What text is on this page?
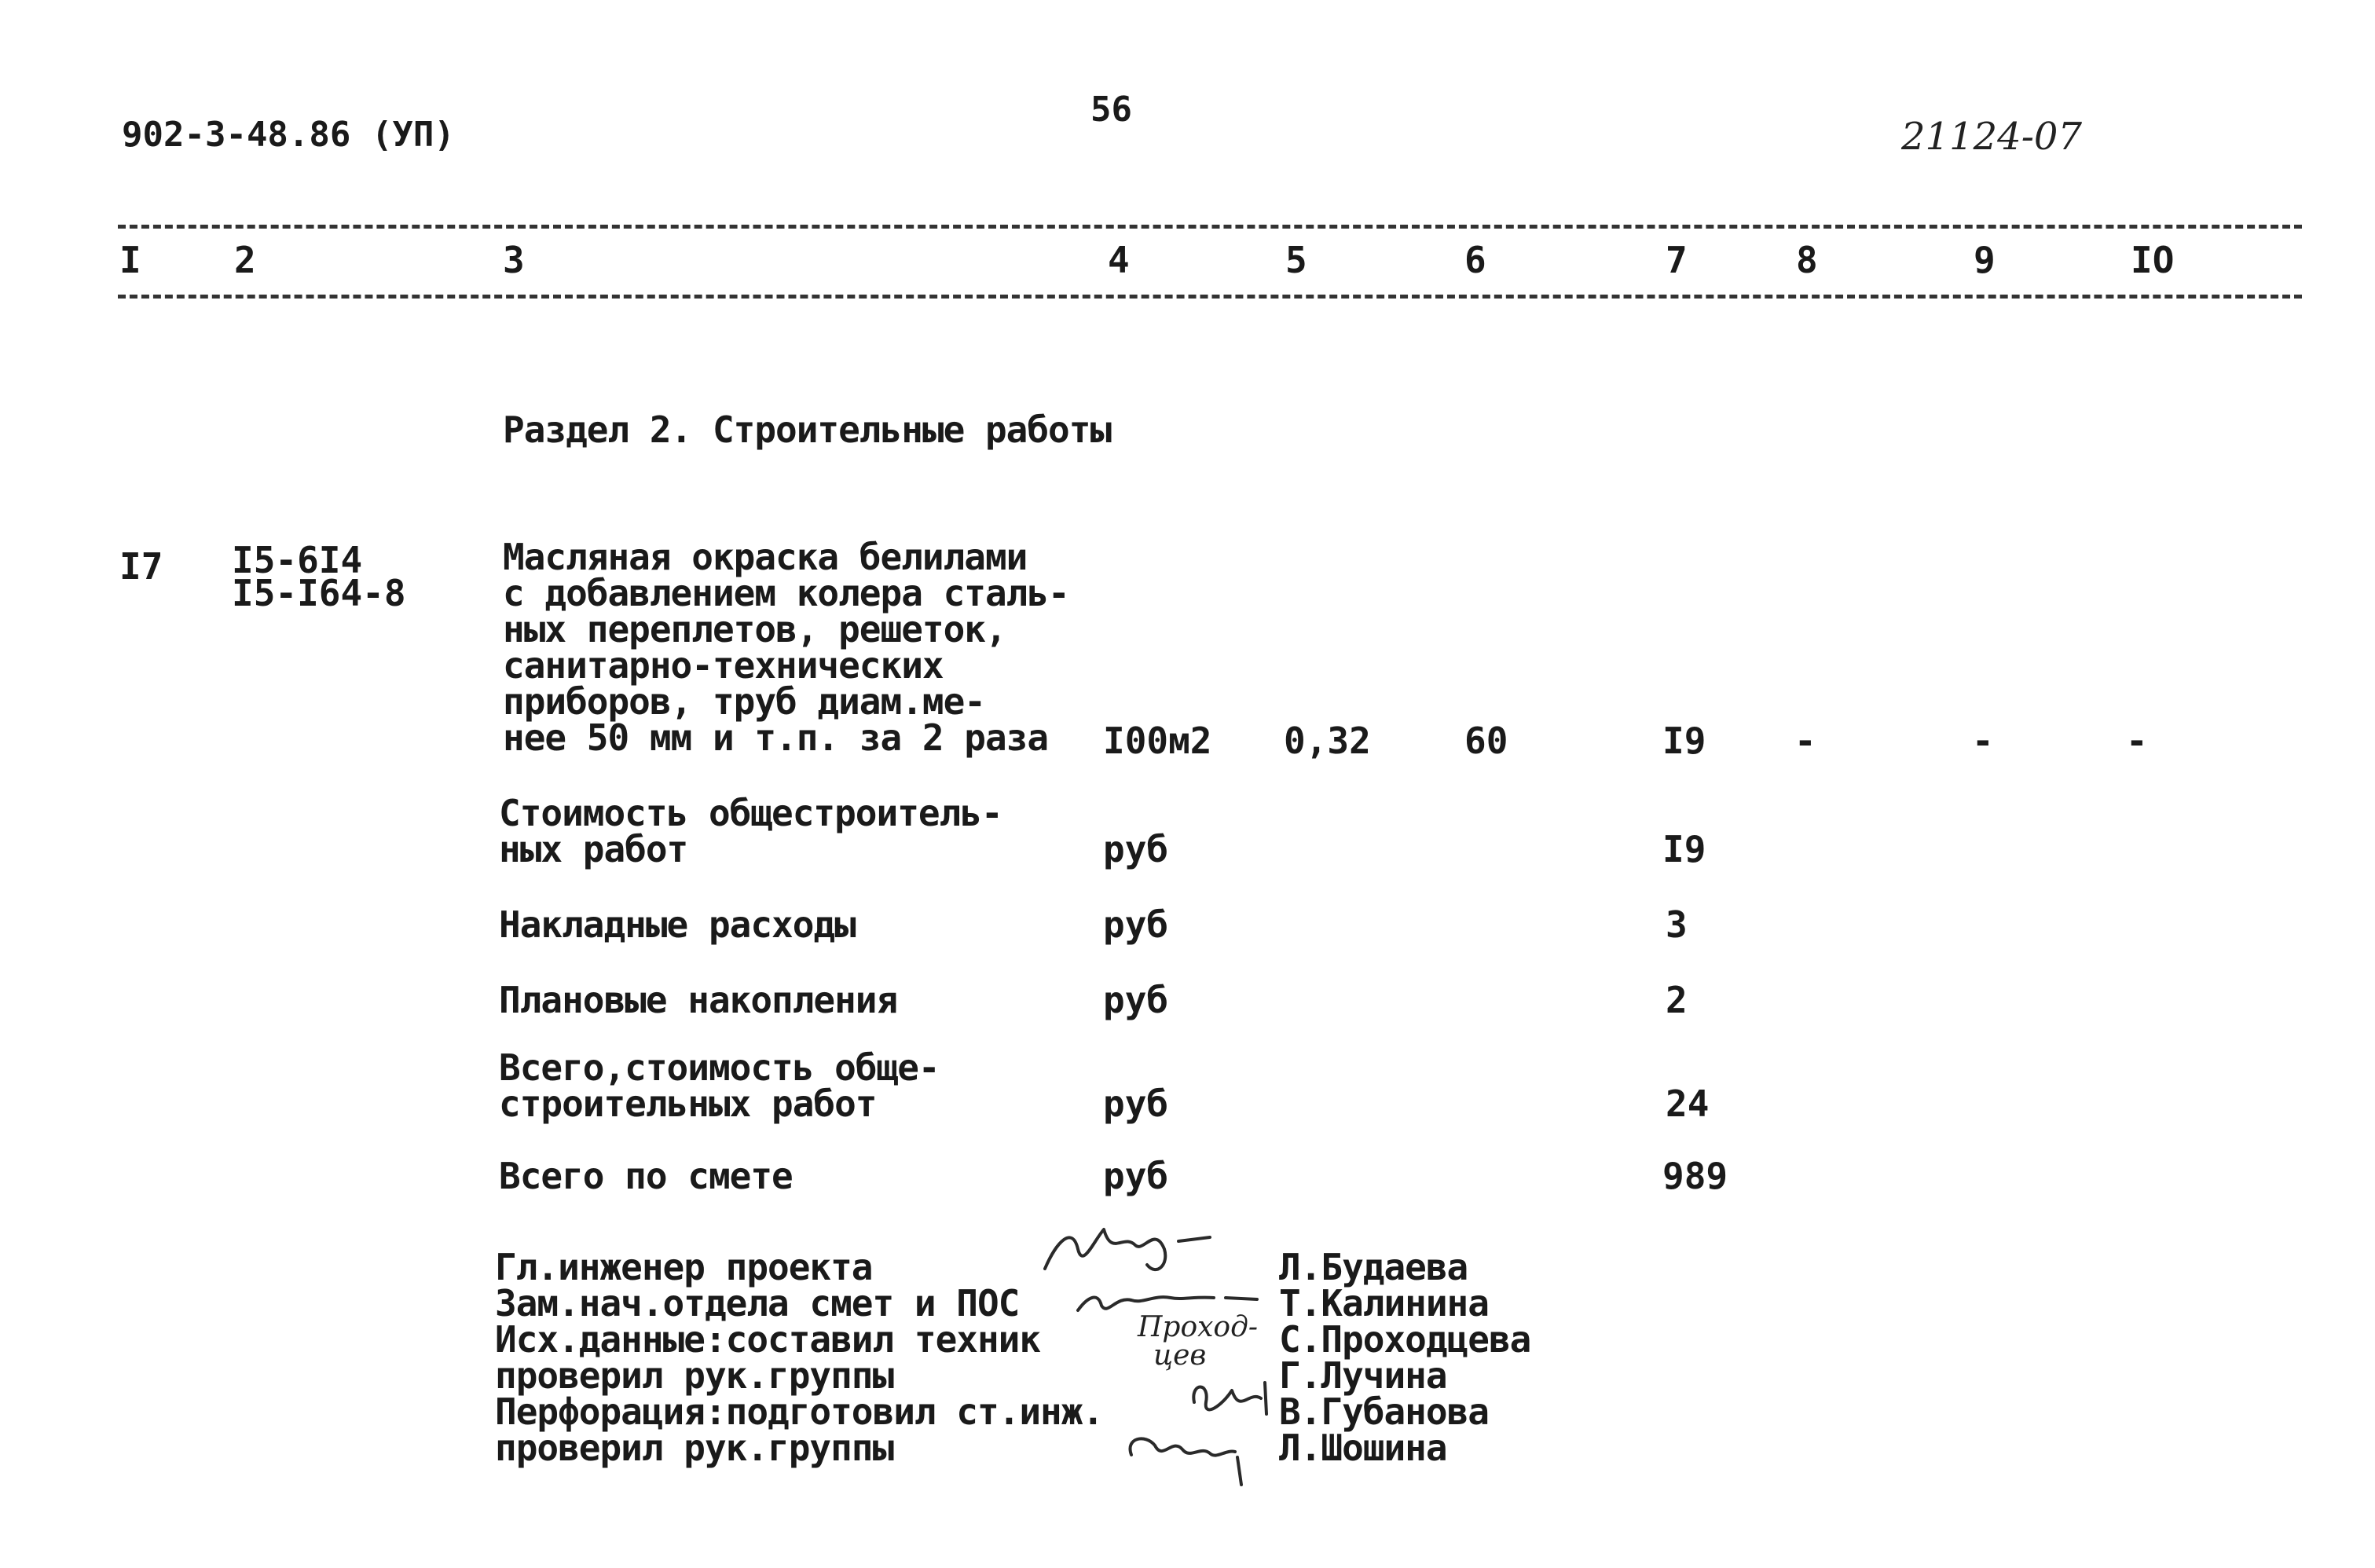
902-3-48.86 (УП)
56
21124-07
I	2	3	4	5	6	7	8	9	IO
Раздел 2. Строительные работы
I7 I5-6I4
I5-I64-8
Масляная окраска белилами
с добавлением колера сталь-
ных переплетов, решеток,
санитарно-технических
приборов, труб диам.ме-
нее 50 мм и т.п. за 2 раза	I00м2 0,32	60	I9 -	-	-
Стоимость общестроитель-
ных работ	руб	I9
Накладные расходы	руб	3
Плановые накопления	руб	2
Всего,стоимость обще-
строительных работ	руб	24
Всего по смете	руб	989
Гл.инженер проекта	Л.Будаева
Зам.нач.отдела смет и ПОС	Т.Калинина
Исх.данные:составил техник	С.Проходцева
проверил рук.группы	Г.Лучина
Перфорация:подготовил ст.инж.	В.Губанова
проверил рук.группы	Л.Шошина
Проход-
цев
